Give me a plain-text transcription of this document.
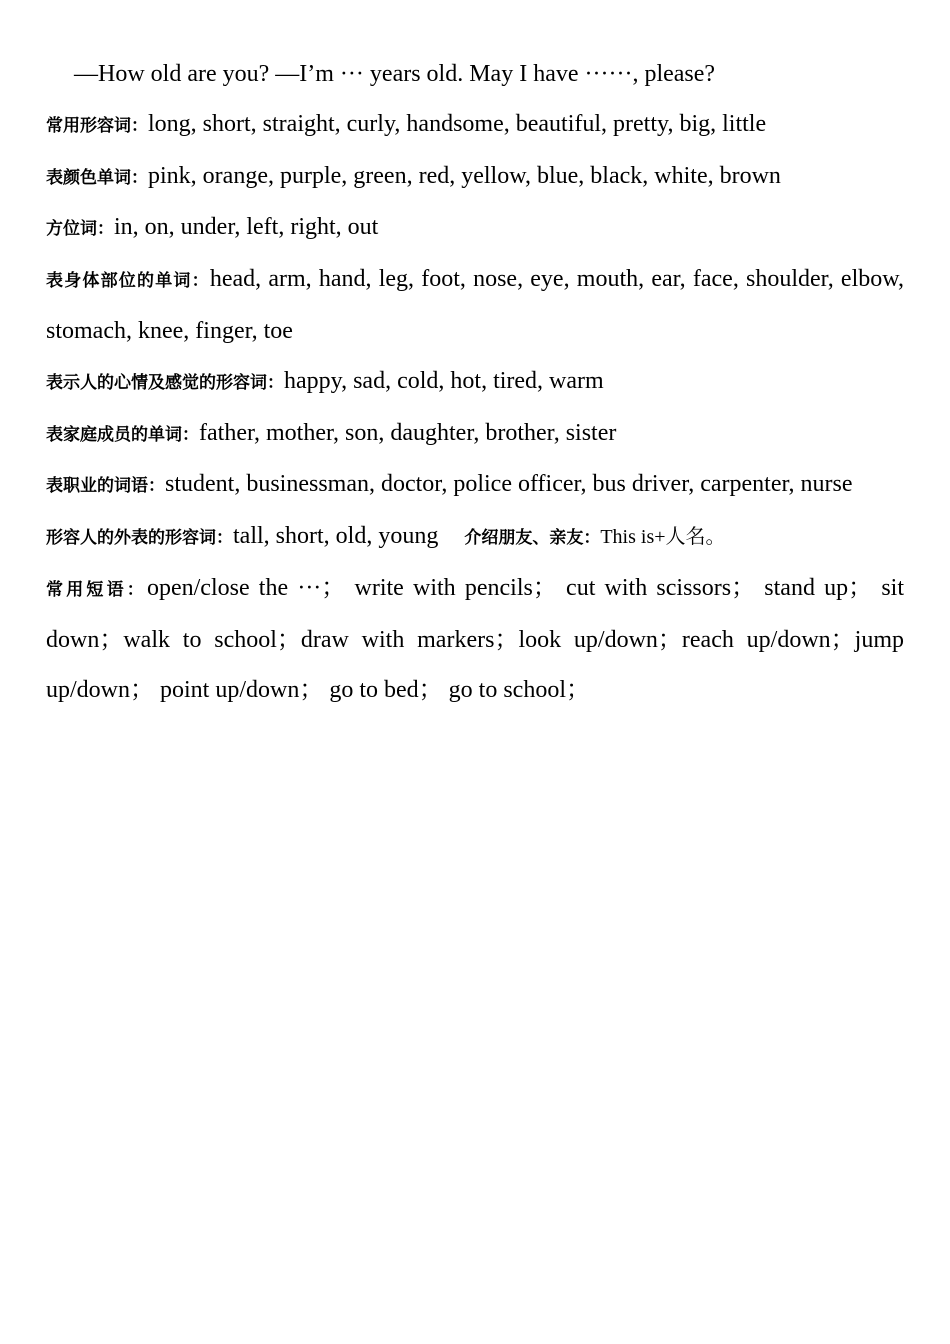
—How old are you? —I’m ··· years old. May I have ······, please?

常用形容词：long, short, straight, curly, handsome, beautiful, pretty, big, little

表颜色单词：pink, orange, purple, green, red, yellow, blue, black, white, brown

方位词：in, on, under, left, right, out

表身体部位的单词：head, arm, hand, leg, foot, nose, eye, mouth, ear, face, shoulder, elbow, stomach, knee, finger, toe

表示人的心情及感觉的形容词：happy, sad, cold, hot, tired, warm

表家庭成员的单词：father, mother, son, daughter, brother, sister

表职业的词语：student, businessman, doctor, police officer, bus driver, carpenter, nurse

形容人的外表的形容词：tall, short, old, young 介绍朋友、亲友：This is+人名。

常用短语：open/close the ···； write with pencils； cut with scissors； stand up； sit down；walk to school；draw with markers；look up/down；reach up/down；jump up/down； point up/down； go to bed； go to school；
